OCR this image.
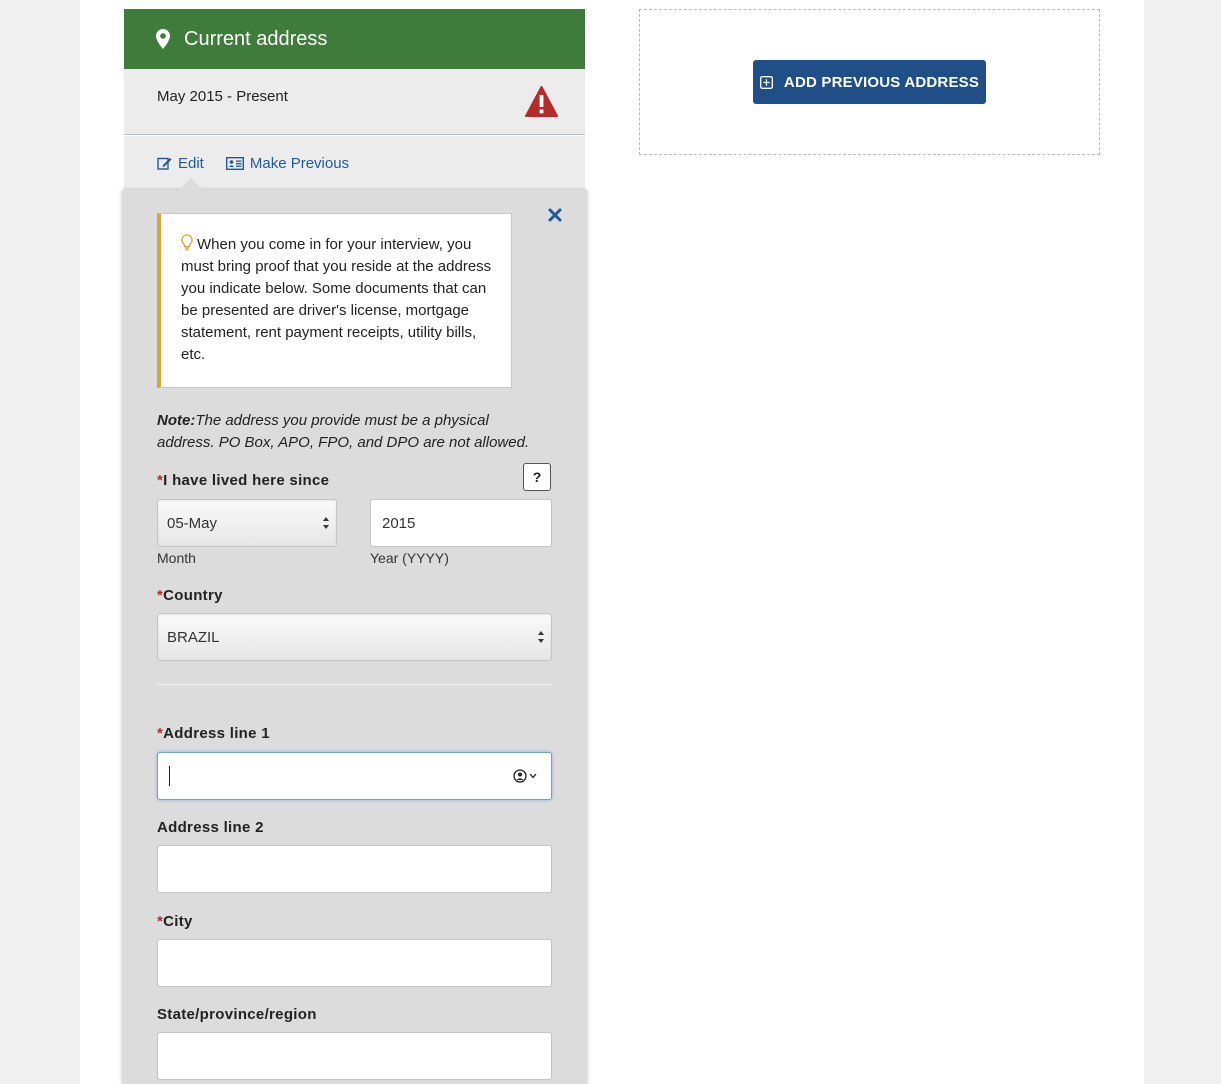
Current address
May 2015 - Present
Edit	Make Previous
When you come in for your interview, you must bring proof that you reside at the address you indicate below. Some documents that can be presented are driver's license, mortgage statement, rent payment receipts, utility bills, etc.
Note:The address you provide must be a physical address. PO Box, APO, FPO, and DPO are not allowed.
*I have lived here since	?
05-May
Month
2015
Year (YYYY)
*Country
BRAZIL
*Address line 1
Address line 2
*City
State/province/region
ADD PREVIOUS ADDRESS
